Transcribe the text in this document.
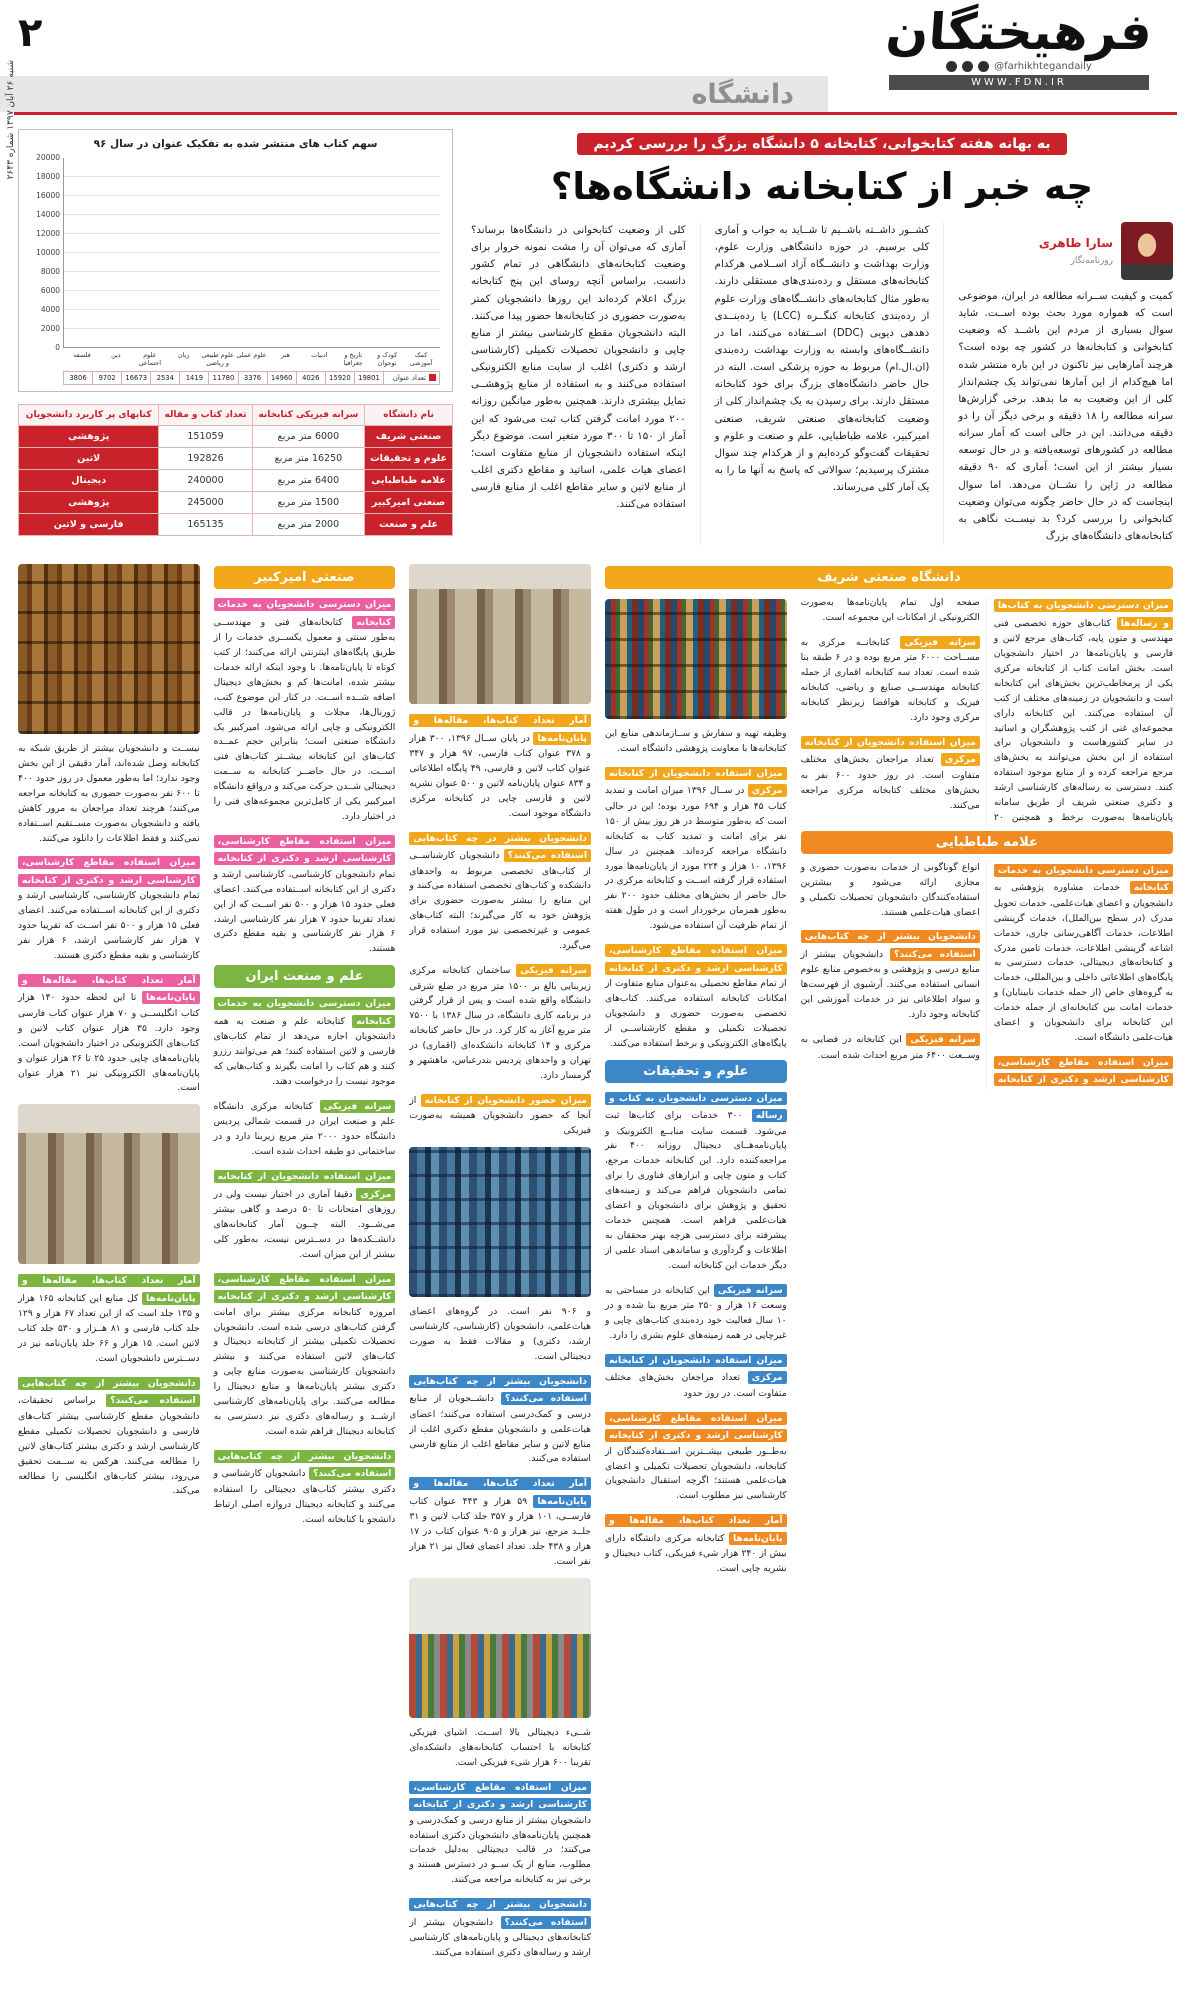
فرهیختگان
@farhikhtegandaily
WWW.FDN.IR
دانشگاه
۲
شنبه ۲۶ آبان ۱۳۹۷ شماره ۲۶۴۳
به بهانه هفته کتابخوانی، کتابخانه ۵ دانشگاه بزرگ را بررسی کردیم
چه خبر از کتابخانه دانشگاه‌ها؟
سارا طاهری
روزنامه‌نگار
کمیت و کیفیت ســرانه مطالعه در ایران، موضوعی است که همواره مورد بحث بوده اســت. شاید سوال بسیاری از مردم این باشــد که وضعیت کتابخوانی و کتابخانه‌ها در کشور چه بوده است؟ هرچند آمارهایی نیز تاکنون در این باره منتشر شده اما هیچ‌کدام از این آمارها نمی‌تواند یک چشم‌انداز کلی از این وضعیت به ما بدهد. برخی گزارش‌ها سرانه مطالعه را ۱۸ دقیقه و برخی دیگر آن را دو دقیقه می‌دانند. این در حالی است که آمار سرانه مطالعه در کشورهای توسعه‌یافته و در حال توسعه بسیار بیشتر از این است؛ آماری که ۹۰ دقیقه مطالعه در ژاپن را نشــان می‌دهد. اما سوال اینجاست که در حال حاضر چگونه می‌توان وضعیت کتابخوانی را بررسی کرد؟ بد نیســت نگاهی به کتابخانه‌های دانشگاه‌های بزرگ
کشــور داشــته باشــیم تا شــاید به جواب و آماری کلی برسیم. در حوزه دانشگاهی وزارت علوم، وزارت بهداشت و دانشــگاه آزاد اســلامی هرکدام کتابخانه‌های مستقل و رده‌بندی‌های مستقلی دارند. به‌طور مثال کتابخانه‌های دانشــگاه‌های وزارت علوم از رده‌بندی کتابخانه کنگــره (LCC) یا رده‌بنــدی دهدهی دیویی (DDC) اســتفاده می‌کنند، اما در دانشــگاه‌های وابسته به وزارت بهداشت رده‌بندی (ان.ال.ام) مربوط به حوزه پزشکی است. البته در حال حاضر دانشگاه‌های بزرگ برای خود کتابخانه مستقل دارند. برای رسیدن به یک چشم‌انداز کلی از وضعیت کتابخانه‌های صنعتی شریف، صنعتی امیرکبیر، علامه طباطبایی، علم و صنعت و علوم و تحقیقات گفت‌وگو کرده‌ایم و از هرکدام چند سوال مشترک پرسیدیم؛ سوالاتی که پاسخ به آنها ما را به یک آمار کلی می‌رساند.
کلی از وضعیت کتابخوانی در دانشگاه‌ها برساند؟ آماری که می‌توان آن را مشت نمونه خروار برای وضعیت کتابخانه‌های دانشگاهی در تمام کشور دانست. براساس آنچه روسای این پنج کتابخانه بزرگ اعلام کرده‌اند این روزها دانشجویان کمتر به‌صورت حضوری در کتابخانه‌ها حضور پیدا می‌کنند. البته دانشجویان مقطع کارشناسی بیشتر از منابع چاپی و دانشجویان تحصیلات تکمیلی (کارشناسی ارشد و دکتری) اغلب از سایت منابع الکترونیکی استفاده می‌کنند و به استفاده از منابع پژوهشــی تمایل بیشتری دارند. همچنین به‌طور میانگین روزانه ۲۰۰ مورد امانت گرفتن کتاب ثبت می‌شود که این آمار از ۱۵۰ تا ۳۰۰ مورد متغیر است. موضوع دیگر اینکه استفاده دانشجویان از منابع متفاوت است؛ اعضای هیات علمی، اساتید و مقاطع دکتری اغلب از منابع لاتین و سایر مقاطع اغلب از منابع فارسی استفاده می‌کنند.
سهم کتاب های منتشر شده به تفکیک عنوان در سال ۹۶
20000
18000
16000
14000
12000
10000
8000
6000
4000
2000
0
کمک آموزشی
کودک و نوجوان
تاریخ و جغرافیا
ادبیات
هنر
علوم عملی
علوم طبیعی و ریاضی
زبان
علوم اجتماعی
دین
فلسفه
تعداد عنوان
19801
15920
4026
14960
3376
11780
1419
2534
16673
9702
3806
نام دانشگاه	سرانه فیزیکی کتابخانه	تعداد کتاب و مقاله	کتابهای پر کاربرد دانشجویان
صنعتی شریف	6000 متر مربع	151059	پژوهشی
علوم و تحقیقات	16250 متر مربع	192826	لاتین
علامه طباطبایی	6400 متر مربع	240000	دیجیتال
صنعتی امیرکبیر	1500 متر مربع	245000	پژوهشی
علم و صنعت	2000 متر مربع	165135	فارسی و لاتین
دانشگاه صنعتی شریف
میزان دسترسی دانشجویان به کتاب‌ها و رساله‌ها کتاب‌های حوزه تخصصی فنی مهندسی و متون پایه، کتاب‌های مرجع لاتین و فارسی و پایان‌نامه‌ها در اختیار دانشجویان است. بخش امانت کتاب از کتابخانه مرکزی یکی از پرمخاطب‌ترین بخش‌های این کتابخانه است و دانشجویان در زمینه‌های مختلف از کتب آن استفاده می‌کنند. این کتابخانه دارای مجموعه‌ای غنی از کتب پژوهشگران و اساتید در سایر کشورهاست و دانشجویان برای استفاده از این بخش می‌توانند به بخش‌های مرجع مراجعه کرده و از منابع موجود استفاده کنند. دسترسی به رساله‌های کارشناسی ارشد و دکتری صنعتی شریف از طریق سامانه پایان‌نامه‌ها به‌صورت برخط و همچنین ۲۰ صفحه اول تمام پایان‌نامه‌ها به‌صورت الکترونیکی از امکانات این مجموعه است.
سرانه فیزیکی کتابخانــه مرکزی به مســاحت ۶۰۰۰ متر مربع بوده و در ۶ طبقه بنا شده است. تعداد سه کتابخانه اقماری از جمله کتابخانه مهندســی صنایع و ریاضی، کتابخانه فیزیک و کتابخانه هوافضا زیرنظر کتابخانه مرکزی وجود دارد.
میزان استفاده دانشجویان از کتابخانه مرکزی تعداد مراجعان بخش‌های مختلف متفاوت است. در روز حدود ۶۰۰ نفر به بخش‌های مختلف کتابخانه مرکزی مراجعه می‌کنند.
علامه طباطبایی
میزان دسترسی دانشجویان به خدمات کتابخانه خدمات مشاوره پژوهشی به دانشجویان و اعضای هیات‌علمی، خدمات تحویل مدرک (در سطح بین‌الملل)، خدمات گزینشی اطلاعات، خدمات آگاهی‌رسانی جاری، خدمات اشاعه گزینشی اطلاعات، خدمات تامین مدرک و کتابخانه‌های دیجیتالی، خدمات دسترسی به پایگاه‌های اطلاعاتی داخلی و بین‌المللی، خدمات به گروه‌های خاص (از جمله خدمات نابینایان) و خدمات امانت بین کتابخانه‌ای از جمله خدمات این کتابخانه برای دانشجویان و اعضای هیات‌علمی دانشگاه است.
میزان استفاده مقاطع کارشناسی، کارشناسی ارشد و دکتری از کتابخانه انواع گوناگونی از خدمات به‌صورت حضوری و مجازی ارائه می‌شود و بیشترین استفاده‌کنندگان دانشجویان تحصیلات تکمیلی و اعضای هیات‌علمی هستند.
دانشجویان بیشتر از چه کتاب‌هایی استفاده می‌کنند؟ دانشجویان بیشتر از منابع درسی و پژوهشی و به‌خصوص منابع علوم انسانی استفاده می‌کنند. آرشیوی از فهرست‌ها و سواد اطلاعاتی نیز در خدمات آموزشی این کتابخانه وجود دارد.
سرانه فیزیکی این کتابخانه در فضایی به وســعت ۶۴۰۰ متر مربع احداث شده است.
وظیفه تهیه و سفارش و ســازماندهی منابع این کتابخانه‌ها با معاونت پژوهشی دانشگاه است.
میزان استفاده دانشجویان از کتابخانه مرکزی در ســال ۱۳۹۶ میزان امانت و تمدید کتاب ۴۵ هزار و ۶۹۴ مورد بوده؛ این در حالی است که به‌طور متوسط در هر روز بیش از ۱۵۰ نفر برای امانت و تمدید کتاب به کتابخانه دانشگاه مراجعه کرده‌اند. همچنین در سال ۱۳۹۶، ۱۰ هزار و ۲۲۴ مورد از پایان‌نامه‌ها مورد استفاده قرار گرفته اســت و کتابخانه مرکزی در حال حاضر از بخش‌های مختلف حدود ۲۰۰ نفر به‌طور همزمان برخوردار است و در طول هفته از تمام ظرفیت آن استفاده می‌شود.
میزان استفاده مقاطع کارشناسی، کارشناسی ارشد و دکتری از کتابخانه از تمام مقاطع تحصیلی به‌عنوان منابع متفاوت از امکانات کتابخانه استفاده می‌کنند. کتاب‌های تخصصی به‌صورت حضوری و دانشجویان تحصیلات تکمیلی و مقطع کارشناســی از پایگاه‌های الکترونیکی و برخط استفاده می‌کنند.
علوم و تحقیقات
میزان دسترسی دانشجویان به کتاب و رساله ۳۰۰ خدمات برای کتاب‌ها ثبت می‌شود. قسمت سایت منابــع الکترونیک و پایان‌نامه‌هــای دیجیتال روزانه ۴۰۰ نفر مراجعه‌کننده دارد. این کتابخانه خدمات مرجع، کتاب و متون چاپی و ابزارهای فناوری را برای تمامی دانشجویان فراهم می‌کند و زمینه‌های تحقیق و پژوهش برای دانشجویان و اعضای هیات‌علمی فراهم است. همچنین خدمات پیشرفته برای دسترسی هرچه بهتر محققان به اطلاعات و گردآوری و ساماندهی اسناد علمی از دیگر خدمات این کتابخانه است.
سرانه فیزیکی این کتابخانه در مساحتی به وسعت ۱۶ هزار و ۲۵۰ متر مربع بنا شده و در ۱۰ سال فعالیت خود رده‌بندی کتاب‌های چاپی و غیرچاپی در همه زمینه‌های علوم بشری را دارد.
میزان استفاده دانشجویان از کتابخانه مرکزی تعداد مراجعان بخش‌های مختلف متفاوت است. در روز حدود
میزان استفاده مقاطع کارشناسی، کارشناسی ارشد و دکتری از کتابخانه به‌طــور طبیعی بیشــترین اســتفاده‌کنندگان از کتابخانه، دانشجویان تحصیلات تکمیلی و اعضای هیات‌علمی هستند؛ اگرچه استقبال دانشجویان کارشناسی نیز مطلوب است.
آمار تعداد کتاب‌ها، مقاله‌ها و پایان‌نامه‌ها کتابخانه مرکزی دانشگاه دارای بیش از ۲۴۰ هزار شیء فیزیکی، کتاب دیجیتال و نشریه چاپی است.
آمار تعداد کتاب‌ها، مقاله‌ها و پایان‌نامه‌ها در پایان ســال ۱۳۹۶، ۳۰۰ هزار و ۳۷۸ عنوان کتاب فارسی، ۹۷ هزار و ۳۴۷ عنوان کتاب لاتین و فارسی، ۴۹ پایگاه اطلاعاتی و ۸۳۴ عنوان پایان‌نامه لاتین و ۵۰۰ عنوان نشریه لاتین و فارسی چاپی در کتابخانه مرکزی دانشگاه موجود است.
دانشجویان بیشتر در چه کتاب‌هایی استفاده می‌کنند؟ دانشجویان کارشناســی از کتاب‌های تخصصی مربوط به واحدهای دانشکده و کتاب‌های تخصصی استفاده می‌کنند و این منابع را بیشتر به‌صورت حضوری برای پژوهش خود به کار می‌گیرند؛ البته کتاب‌های عمومی و غیرتخصصی نیز مورد استفاده قرار می‌گیرد.
سرانه فیزیکی ساختمان کتابخانه مرکزی زیربنایی بالغ بر ۱۵۰۰ متر مربع در ضلع شرقی دانشگاه واقع شده است و پس از قرار گرفتن در برنامه کاری دانشگاه، در سال ۱۳۸۶ با ۷۵۰۰ متر مربع آغاز به کار کرد. در حال حاضر کتابخانه مرکزی و ۱۴ کتابخانه دانشکده‌ای (اقماری) در تهران و واحدهای پردیس بندرعباس، ماهشهر و گرمسار دارد.
میزان حضور دانشجویان از کتابخانه از آنجا که حضور دانشجویان همیشه به‌صورت فیزیکی
و ۹۰۶ نفر است. در گروه‌های اعضای هیات‌علمی، دانشجویان (کارشناسی، کارشناسی ارشد، دکتری) و مقالات فقط به صورت دیجیتالی است.
دانشجویان بیشتر از چه کتاب‌هایی استفاده می‌کنند؟ دانشــجویان از منابع درسی و کمک‌درسی استفاده می‌کنند؛ اعضای هیات‌علمی و دانشجویان مقطع دکتری اغلب از منابع لاتین و سایر مقاطع اغلب از منابع فارسی استفاده می‌کنند.
آمار تعداد کتاب‌ها، مقاله‌ها و پایان‌نامه‌ها ۵۹ هزار و ۴۴۳ عنوان کتاب فارســی، ۱۰۱ هزار و ۳۵۷ جلد کتاب لاتین و ۳۱ جلــد مرجع، نیز هزار و ۹۰۵ عنوان کتاب در ۱۷ هزار و ۴۳۸ جلد. تعداد اعضای فعال نیز ۲۱ هزار نفر است.
شــیء دیجیتالی بالا اســت. اشیای فیزیکی کتابخانه با احتساب کتابخانه‌های دانشکده‌ای تقریبا ۶۰۰ هزار شیء فیزیکی است.
میزان استفاده مقاطع کارشناسی، کارشناسی ارشد و دکتری از کتابخانه دانشجویان بیشتر از منابع درسی و کمک‌درسی و همچنین پایان‌نامه‌های دانشجویان دکتری استفاده می‌کنند؛ در قالب دیجیتالی به‌دلیل خدمات مطلوب، منابع از یک ســو در دسترس هستند و برخی نیز به کتابخانه مراجعه می‌کنند.
دانشجویان بیشتر از چه کتاب‌هایی استفاده می‌کنند؟ دانشجویان بیشتر از کتابخانه‌های دیجیتالی و پایان‌نامه‌های کارشناسی ارشد و رساله‌های دکتری استفاده می‌کنند.
صنعتی امیرکبیر
میزان دسترسی دانشجویان به خدمات کتابخانه کتابخانه‌های فنی و مهندســی به‌طور سنتی و معمول یکســری خدمات را از طریق پایگاه‌های اینترنتی ارائه می‌کنند؛ از کتب کوتاه تا پایان‌نامه‌ها. با وجود اینکه ارائه خدمات بیشتر شده، امانت‌ها کم و بخش‌های دیجیتال اضافه شــده اســت. در کنار این موضوع کتب، ژورنال‌ها، مجلات و پایان‌نامه‌ها در قالب الکترونیکی و چاپی ارائه می‌شود. امیرکبیر یک دانشگاه صنعتی است؛ بنابراین حجم عمــده کتاب‌های این کتابخانه بیشــتر کتاب‌های فنی اســت. در حال حاضــر کتابخانه به ســمت دیجیتالی شــدن حرکت می‌کند و درواقع دانشگاه امیرکبیر یکی از کامل‌ترین مجموعه‌های فنی را در اختیار دارد.
میزان استفاده مقاطع کارشناسی، کارشناسی ارشد و دکتری از کتابخانه تمام دانشجویان کارشناسی، کارشناسی ارشد و دکتری از این کتابخانه اســتفاده می‌کنند. اعضای فعلی حدود ۱۵ هزار و ۵۰۰ نفر اســت که از این تعداد تقریبا حدود ۷ هزار نفر کارشناسی ارشد، ۶ هزار نفر کارشناسی و بقیه مقطع دکتری هستند.
علم و صنعت ایران
میزان دسترسی دانشجویان به خدمات کتابخانه کتابخانه علم و صنعت به همه دانشجویان اجازه می‌دهد از تمام کتاب‌های فارسی و لاتین استفاده کنند؛ هم می‌توانند رزرو کنند و هم کتاب را امانت بگیرند و کتاب‌هایی که موجود نیست را درخواست دهند.
سرانه فیزیکی کتابخانه مرکزی دانشگاه علم و صنعت ایران در قسمت شمالی پردیس دانشگاه حدود ۲۰۰۰ متر مربع زیربنا دارد و در ساختمانی دو طبقه احداث شده است.
میزان استفاده دانشجویان از کتابخانه مرکزی دقیقا آماری در اختیار نیست ولی در روزهای امتحانات تا ۵۰ درصد و گاهی بیشتر می‌شــود. البته چــون آمار کتابخانه‌های دانشــکده‌ها در دســترس نیست، به‌طور کلی بیشتر از این میزان است.
میزان استفاده مقاطع کارشناسی، کارشناسی ارشد و دکتری از کتابخانه امروزه کتابخانه مرکزی بیشتر برای امانت گرفتن کتاب‌های درسی شده است. دانشجویان تحصیلات تکمیلی بیشتر از کتابخانه دیجیتال و کتاب‌های لاتین استفاده می‌کنند و بیشتر دانشجویان کارشناسی به‌صورت منابع چاپی و دکتری بیشتر پایان‌نامه‌ها و منابع دیجیتال را مطالعه می‌کنند. برای پایان‌نامه‌های کارشناسی ارشــد و رساله‌های دکتری نیز دسترسی به کتابخانه دیجیتال فراهم شده است.
دانشجویان بیشتر از چه کتاب‌هایی استفاده می‌کنند؟ دانشجویان کارشناسی و دکتری بیشتر کتاب‌های دیجیتالی را استفاده می‌کنند و کتابخانه دیجیتال دروازه اصلی ارتباط دانشجو با کتابخانه است.
نیســت و دانشجویان بیشتر از طریق شبکه به کتابخانه وصل شده‌اند، آمار دقیقی از این بخش وجود ندارد؛ اما به‌طور معمول در روز حدود ۴۰۰ تا ۶۰۰ نفر به‌صورت حضوری به کتابخانه مراجعه می‌کنند؛ هرچند تعداد مراجعان به مرور کاهش یافته و دانشجویان به‌صورت مســتقیم اســتفاده نمی‌کنند و فقط اطلاعات را دانلود می‌کنند.
میزان استفاده مقاطع کارشناسی، کارشناسی ارشد و دکتری از کتابخانه تمام دانشجویان کارشناسی، کارشناسی ارشد و دکتری از این کتابخانه اســتفاده می‌کنند. اعضای فعلی ۱۵ هزار و ۵۰۰ نفر اســت که تقریبا حدود ۷ هزار نفر کارشناسی ارشد، ۶ هزار نفر کارشناسی و بقیه مقطع دکتری هستند.
آمار تعداد کتاب‌ها، مقاله‌ها و پایان‌نامه‌ها تا این لحظه حدود ۱۴۰ هزار کتاب انگلیســی و ۷۰ هزار عنوان کتاب فارسی وجود دارد. ۳۵ هزار عنوان کتاب لاتین و کتاب‌های الکترونیکی در اختیار دانشجویان است. پایان‌نامه‌های چاپی حدود ۲۵ تا ۲۶ هزار عنوان و پایان‌نامه‌های الکترونیکی نیز ۲۱ هزار عنوان است.
آمار تعداد کتاب‌ها، مقاله‌ها و پایان‌نامه‌ها کل منابع این کتابخانه ۱۶۵ هزار و ۱۳۵ جلد است که از این تعداد ۶۷ هزار و ۱۲۹ جلد کتاب فارسی و ۸۱ هــزار و ۵۳۰ جلد کتاب لاتین است. ۱۵ هزار و ۶۶ جلد پایان‌نامه نیز در دســترس دانشجویان است.
دانشجویان بیشتر از چه کتاب‌هایی استفاده می‌کنند؟ براساس تحقیقات، دانشجویان مقطع کارشناسی بیشتر کتاب‌های فارسی و دانشجویان تحصیلات تکمیلی مقطع کارشناسی ارشد و دکتری بیشتر کتاب‌های لاتین را مطالعه می‌کنند. هرکس به ســمت تحقیق می‌رود، بیشتر کتاب‌های انگلیسی را مطالعه می‌کند.
